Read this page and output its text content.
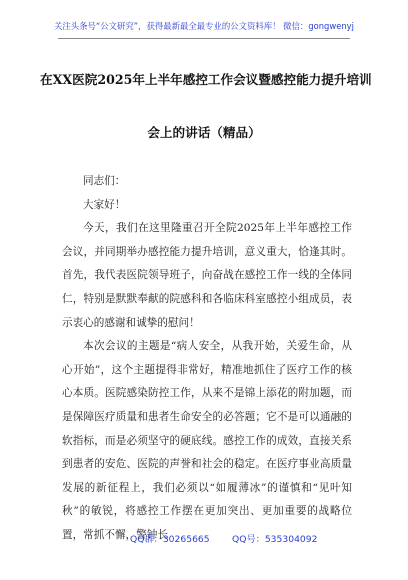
关注头条号“公文研究”，获得最新最全最专业的公文资料库！ 微信：gongwenyj
在XX医院2025年上半年感控工作会议暨感控能力提升培训
会上的讲话（精品）

同志们：

大家好！

今天，我们在这里隆重召开全院2025年上半年感控工作会议，并同期举办感控能力提升培训，意义重大，恰逢其时。首先，我代表医院领导班子，向奋战在感控工作一线的全体同仁，特别是默默奉献的院感科和各临床科室感控小组成员，表示衷心的感谢和诚挚的慰问！

本次会议的主题是“病人安全，从我开始，关爱生命，从心开始”，这个主题提得非常好，精准地抓住了医疗工作的核心本质。医院感染防控工作，从来不是锦上添花的附加题，而是保障医疗质量和患者生命安全的必答题；它不是可以通融的软指标，而是必须坚守的硬底线。感控工作的成效，直接关系到患者的安危、医院的声誉和社会的稳定。在医疗事业高质量发展的新征程上，我们必须以“如履薄冰”的谨慎和“见叶知秋”的敏锐，将感控工作摆在更加突出、更加重要的战略位置，常抓不懈，警钟长

QQ群：30265665 QQ号：535304092
